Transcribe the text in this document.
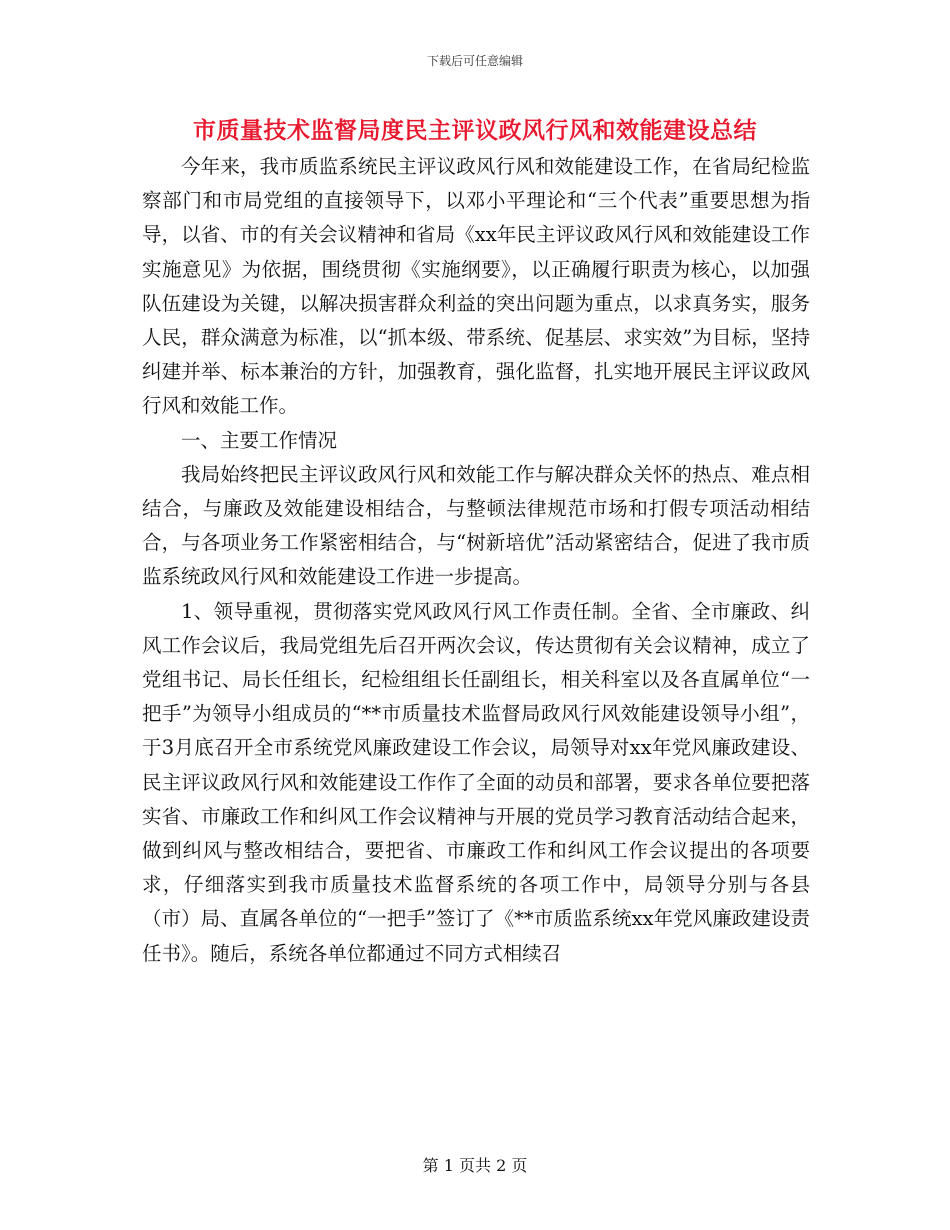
下载后可任意编辑
市质量技术监督局度民主评议政风行风和效能建设总结

今年来，我市质监系统民主评议政风行风和效能建设工作，在省局纪检监察部门和市局党组的直接领导下，以邓小平理论和“三个代表”重要思想为指导，以省、市的有关会议精神和省局《xx年民主评议政风行风和效能建设工作实施意见》为依据，围绕贯彻《实施纲要》，以正确履行职责为核心，以加强队伍建设为关键，以解决损害群众利益的突出问题为重点，以求真务实，服务人民，群众满意为标准，以“抓本级、带系统、促基层、求实效”为目标，坚持纠建并举、标本兼治的方针，加强教育，强化监督，扎实地开展民主评议政风行风和效能工作。

一、主要工作情况

我局始终把民主评议政风行风和效能工作与解决群众关怀的热点、难点相结合，与廉政及效能建设相结合，与整顿法律规范市场和打假专项活动相结合，与各项业务工作紧密相结合，与“树新培优”活动紧密结合，促进了我市质监系统政风行风和效能建设工作进一步提高。

1、领导重视，贯彻落实党风政风行风工作责任制。全省、全市廉政、纠风工作会议后，我局党组先后召开两次会议，传达贯彻有关会议精神，成立了党组书记、局长任组长，纪检组组长任副组长，相关科室以及各直属单位“一把手”为领导小组成员的“**市质量技术监督局政风行风效能建设领导小组”，于3月底召开全市系统党风廉政建设工作会议，局领导对xx年党风廉政建设、民主评议政风行风和效能建设工作作了全面的动员和部署，要求各单位要把落实省、市廉政工作和纠风工作会议精神与开展的党员学习教育活动结合起来，做到纠风与整改相结合，要把省、市廉政工作和纠风工作会议提出的各项要求，仔细落实到我市质量技术监督系统的各项工作中，局领导分别与各县（市）局、直属各单位的“一把手”签订了《**市质监系统xx年党风廉政建设责任书》。随后，系统各单位都通过不同方式相续召

第 1 页共 2 页
